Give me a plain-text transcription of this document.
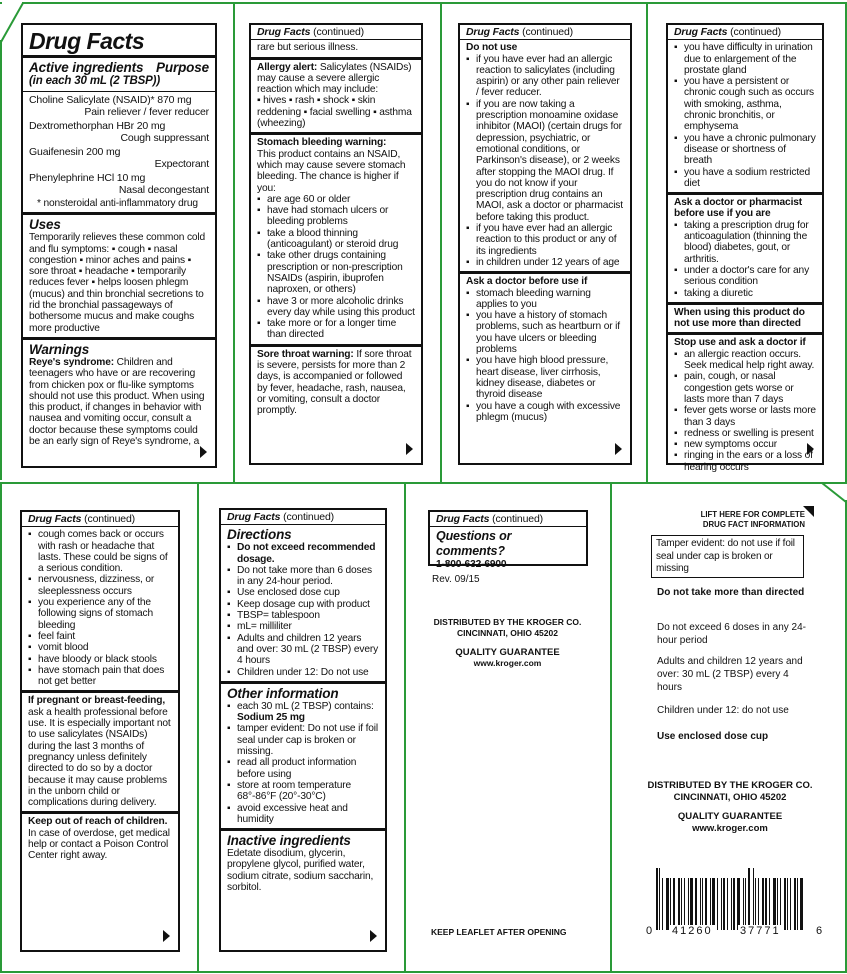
Drug Facts
Active ingredients Purpose
(in each 30 mL (2 TBSP))
Choline Salicylate (NSAID)* 870 mg
Pain reliever / fever reducer
Dextromethorphan HBr 20 mg
Cough suppressant
Guaifenesin 200 mg
Expectorant
Phenylephrine HCl 10 mg
Nasal decongestant
* nonsteroidal anti-inflammatory drug
Uses
Temporarily relieves these common cold and flu symptoms: ▪ cough ▪ nasal congestion ▪ minor aches and pains ▪ sore throat ▪ headache ▪ temporarily reduces fever ▪ helps loosen phlegm (mucus) and thin bronchial secretions to rid the bronchial passageways of bothersome mucus and make coughs more productive
Warnings
Reye's syndrome: Children and teenagers who have or are recovering from chicken pox or flu-like symptoms should not use this product. When using this product, if changes in behavior with nausea and vomiting occur, consult a doctor because these symptoms could be an early sign of Reye's syndrome, a
Drug Facts (continued)
rare but serious illness.
Allergy alert: Salicylates (NSAIDs) may cause a severe allergic reaction which may include:
▪ hives ▪ rash ▪ shock ▪ skin reddening ▪ facial swelling ▪ asthma (wheezing)
Stomach bleeding warning:
This product contains an NSAID, which may cause severe stomach bleeding. The chance is higher if you:
▪ are age 60 or older
▪ have had stomach ulcers or bleeding problems
▪ take a blood thinning (anticoagulant) or steroid drug
▪ take other drugs containing prescription or non-prescription NSAIDs (aspirin, ibuprofen naproxen, or others)
▪ have 3 or more alcoholic drinks every day while using this product
▪ take more or for a longer time than directed
Sore throat warning: If sore throat is severe, persists for more than 2 days, is accompanied or followed by fever, headache, rash, nausea, or vomiting, consult a doctor promptly.
Drug Facts (continued)
Do not use
▪ if you have ever had an allergic reaction to salicylates (including aspirin) or any other pain reliever / fever reducer.
▪ if you are now taking a prescription monoamine oxidase inhibitor (MAOI) (certain drugs for depression, psychiatric, or emotional conditions, or Parkinson's disease), or 2 weeks after stopping the MAOI drug. If you do not know if your prescription drug contains an MAOI, ask a doctor or pharmacist before taking this product.
▪ if you have ever had an allergic reaction to this product or any of its ingredients
▪ in children under 12 years of age
Ask a doctor before use if
▪ stomach bleeding warning applies to you
▪ you have a history of stomach problems, such as heartburn or if you have ulcers or bleeding problems
▪ you have high blood pressure, heart disease, liver cirrhosis, kidney disease, diabetes or thyroid disease
▪ you have a cough with excessive phlegm (mucus)
Drug Facts (continued)
▪ you have difficulty in urination due to enlargement of the prostate gland
▪ you have a persistent or chronic cough such as occurs with smoking, asthma, chronic bronchitis, or emphysema
▪ you have a chronic pulmonary disease or shortness of breath
▪ you have a sodium restricted diet
Ask a doctor or pharmacist before use if you are
▪ taking a prescription drug for anticoagulation (thinning the blood) diabetes, gout, or arthritis.
▪ under a doctor's care for any serious condition
▪ taking a diuretic
When using this product do not use more than directed
Stop use and ask a doctor if
▪ an allergic reaction occurs. Seek medical help right away.
▪ pain, cough, or nasal congestion gets worse or lasts more than 7 days
▪ fever gets worse or lasts more than 3 days
▪ redness or swelling is present
▪ new symptoms occur
▪ ringing in the ears or a loss of hearing occurs
Drug Facts (continued)
▪ cough comes back or occurs with rash or headache that lasts. These could be signs of a serious condition.
▪ nervousness, dizziness, or sleeplessness occurs
▪ you experience any of the following signs of stomach bleeding
▪ feel faint
▪ vomit blood
▪ have bloody or black stools
▪ have stomach pain that does not get better
If pregnant or breast-feeding, ask a health professional before use. It is especially important not to use salicylates (NSAIDs) during the last 3 months of pregnancy unless definitely directed to do so by a doctor because it may cause problems in the unborn child or complications during delivery.
Keep out of reach of children. In case of overdose, get medical help or contact a Poison Control Center right away.
Drug Facts (continued)
Directions
▪ Do not exceed recommended dosage.
▪ Do not take more than 6 doses in any 24-hour period.
▪ Use enclosed dose cup
▪ Keep dosage cup with product
▪ TBSP= tablespoon
▪ mL= milliliter
▪ Adults and children 12 years and over: 30 mL (2 TBSP) every 4 hours
▪ Children under 12: Do not use
Other information
▪ each 30 mL (2 TBSP) contains: Sodium 25 mg
▪ tamper evident: Do not use if foil seal under cap is broken or missing.
▪ read all product information before using
▪ store at room temperature 68°-86°F (20°-30°C)
▪ avoid excessive heat and humidity
Inactive ingredients
Edetate disodium, glycerin, propylene glycol, purified water, sodium citrate, sodium saccharin, sorbitol.
Drug Facts (continued)
Questions or comments?
1-800-632-6900
Rev. 09/15
DISTRIBUTED BY THE KROGER CO.
CINCINNATI, OHIO 45202
QUALITY GUARANTEE
www.kroger.com
KEEP LEAFLET AFTER OPENING
LIFT HERE FOR COMPLETE
DRUG FACT INFORMATION
Tamper evident: do not use if foil seal under cap is broken or missing
Do not take more than directed
Do not exceed 6 doses in any 24-hour period
Adults and children 12 years and over: 30 mL (2 TBSP) every 4 hours
Children under 12: do not use
Use enclosed dose cup
DISTRIBUTED BY THE KROGER CO.
CINCINNATI, OHIO 45202
QUALITY GUARANTEE
www.kroger.com
0 41260 37771	6
